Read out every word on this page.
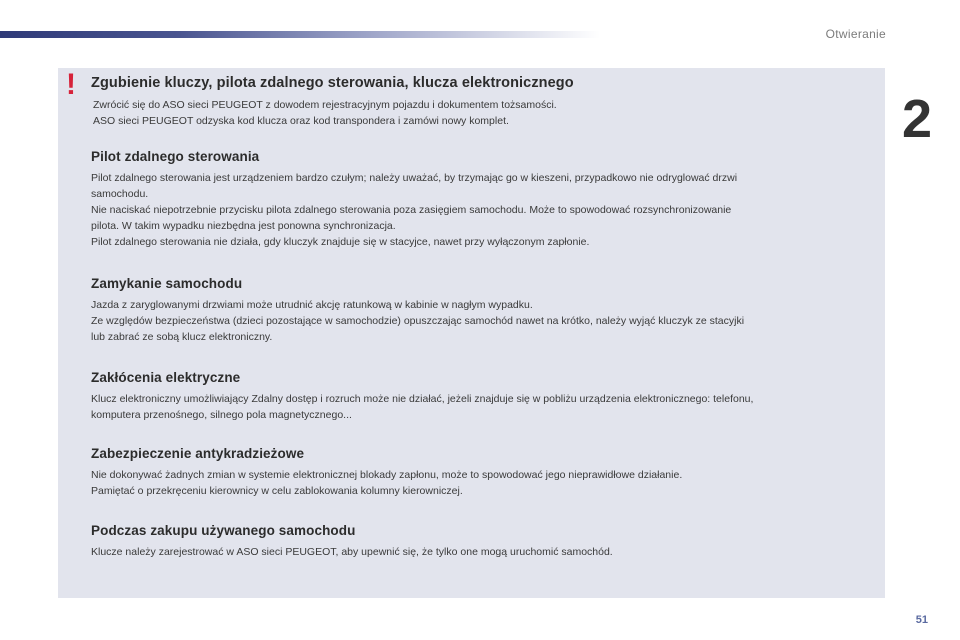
Otwieranie
2
! Zgubienie kluczy, pilota zdalnego sterowania, klucza elektronicznego

Zwrócić się do ASO sieci PEUGEOT z dowodem rejestracyjnym pojazdu i dokumentem tożsamości.

ASO sieci PEUGEOT odzyska kod klucza oraz kod transpondera i zamówi nowy komplet.

Pilot zdalnego sterowania

Pilot zdalnego sterowania jest urządzeniem bardzo czułym; należy uważać, by trzymając go w kieszeni, przypadkowo nie odryglować drzwi

samochodu.

Nie naciskać niepotrzebnie przycisku pilota zdalnego sterowania poza zasięgiem samochodu. Może to spowodować rozsynchronizowanie

pilota. W takim wypadku niezbędna jest ponowna synchronizacja.

Pilot zdalnego sterowania nie działa, gdy kluczyk znajduje się w stacyjce, nawet przy wyłączonym zapłonie.

Zamykanie samochodu

Jazda z zaryglowanymi drzwiami może utrudnić akcję ratunkową w kabinie w nagłym wypadku.

Ze względów bezpieczeństwa (dzieci pozostające w samochodzie) opuszczając samochód nawet na krótko, należy wyjąć kluczyk ze stacyjki

lub zabrać ze sobą klucz elektroniczny.

Zakłócenia elektryczne

Klucz elektroniczny umożliwiający Zdalny dostęp i rozruch może nie działać, jeżeli znajduje się w pobliżu urządzenia elektronicznego: telefonu,

komputera przenośnego, silnego pola magnetycznego...

Zabezpieczenie antykradzieżowe

Nie dokonywać żadnych zmian w systemie elektronicznej blokady zapłonu, może to spowodować jego nieprawidłowe działanie.

Pamiętać o przekręceniu kierownicy w celu zablokowania kolumny kierowniczej.

Podczas zakupu używanego samochodu

Klucze należy zarejestrować w ASO sieci PEUGEOT, aby upewnić się, że tylko one mogą uruchomić samochód.

51
